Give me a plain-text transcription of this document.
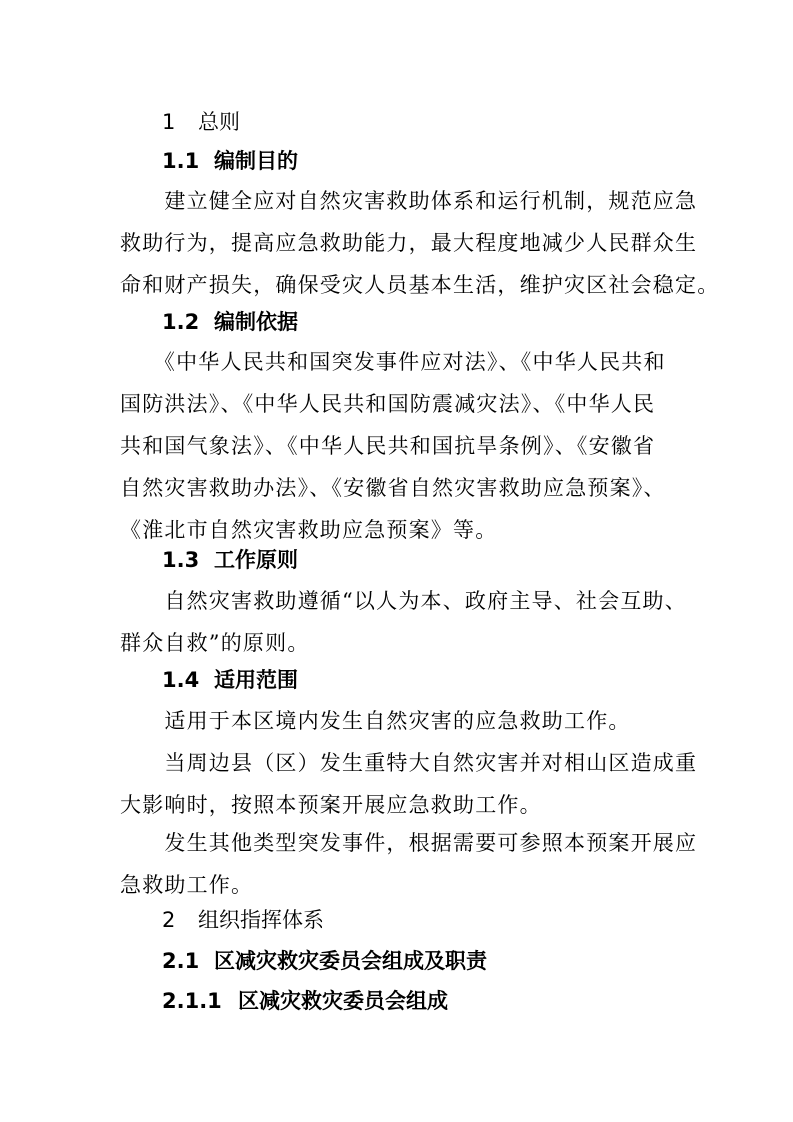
1 总则
1.1 编制目的
　　建立健全应对自然灾害救助体系和运行机制，规范应急
救助行为，提高应急救助能力，最大程度地减少人民群众生
命和财产损失，确保受灾人员基本生活，维护灾区社会稳定。
1.2 编制依据
　　《中华人民共和国突发事件应对法》、《中华人民共和
国防洪法》、《中华人民共和国防震减灾法》、《中华人民
共和国气象法》、《中华人民共和国抗旱条例》、《安徽省
自然灾害救助办法》、《安徽省自然灾害救助应急预案》、
《淮北市自然灾害救助应急预案》等。
1.3 工作原则
　　自然灾害救助遵循“以人为本、政府主导、社会互助、
群众自救”的原则。
1.4 适用范围
　　适用于本区境内发生自然灾害的应急救助工作。
　　当周边县（区）发生重特大自然灾害并对相山区造成重
大影响时，按照本预案开展应急救助工作。
　　发生其他类型突发事件，根据需要可参照本预案开展应
急救助工作。
2 组织指挥体系
2.1 区减灾救灾委员会组成及职责
2.1.1 区减灾救灾委员会组成
